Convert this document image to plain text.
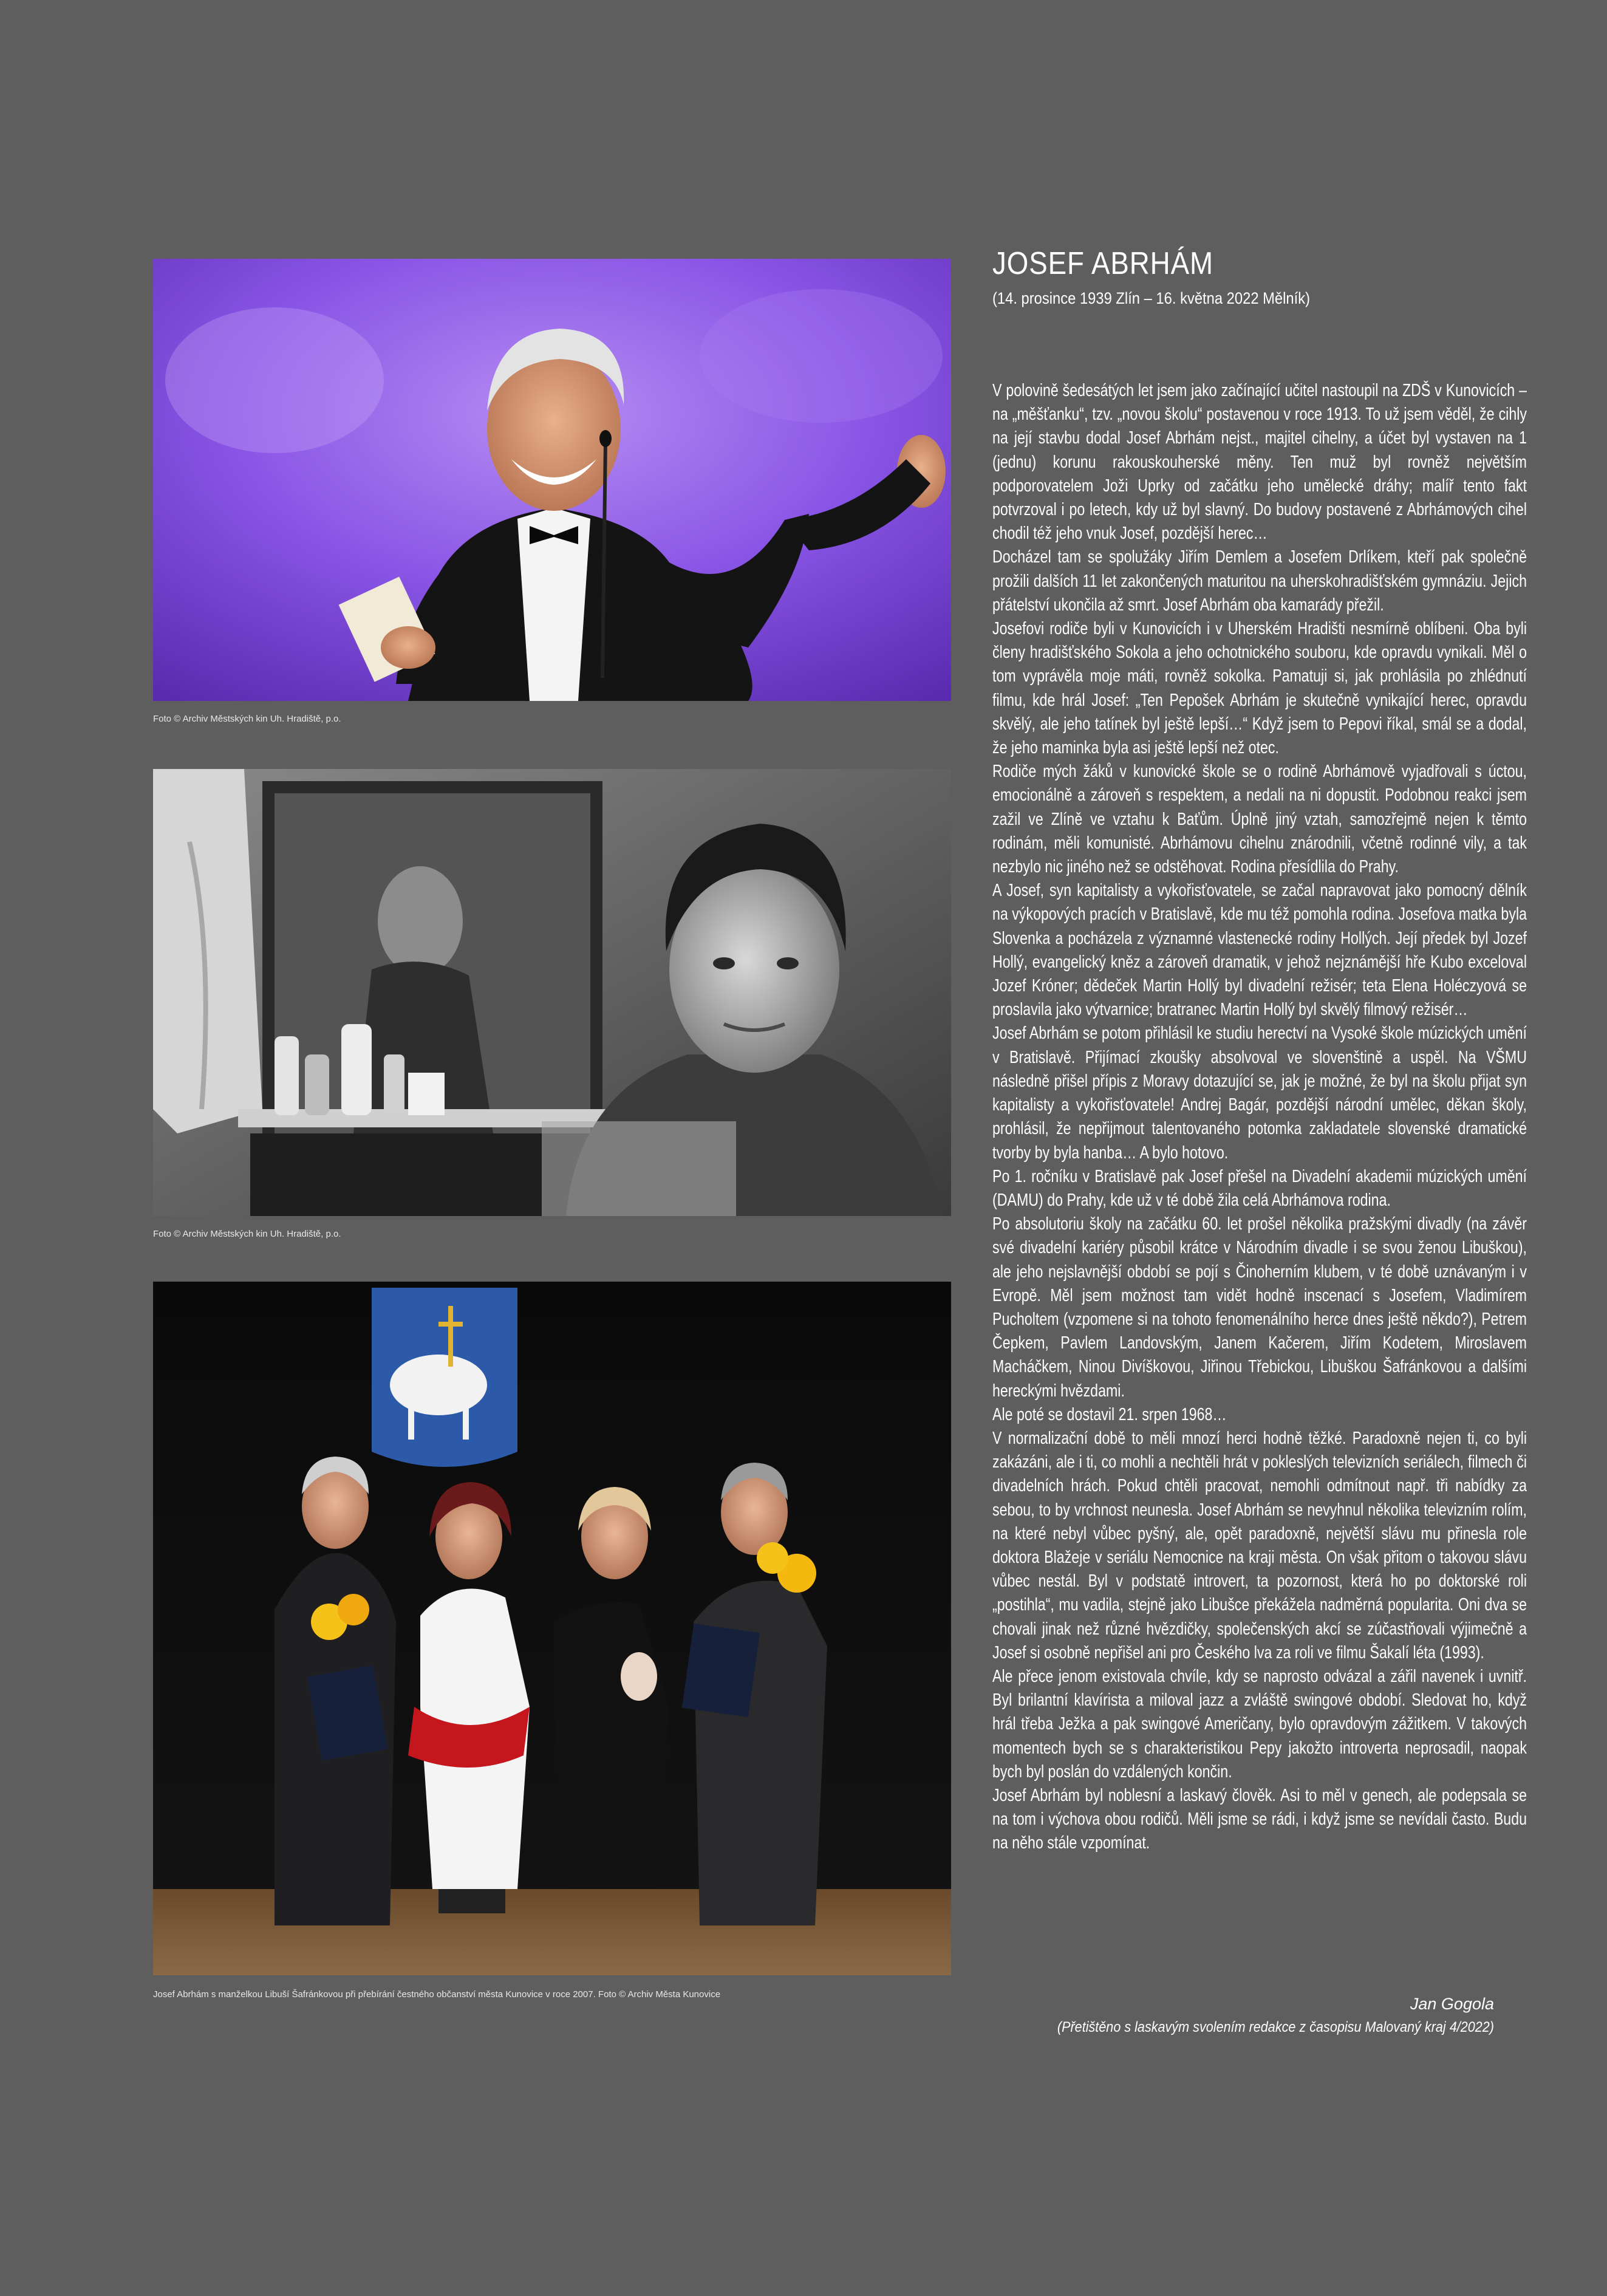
Foto © Archiv Městských kin Uh. Hradiště, p.o.
Foto © Archiv Městských kin Uh. Hradiště, p.o.
Josef Abrhám s manželkou Libuší Šafránkovou při přebírání čestného občanství města Kunovice v roce 2007. Foto © Archiv Města Kunovice
JOSEF ABRHÁM
(14. prosince 1939 Zlín – 16. května 2022 Mělník)

V polovině šedesátých let jsem jako začínající učitel nastoupil na ZDŠ v Kunovicích – na „měšťanku“, tzv. „novou školu“ postavenou v roce 1913. To už jsem věděl, že cihly na její stavbu dodal Josef Abrhám nejst., majitel cihelny, a účet byl vystaven na 1 (jednu) korunu rakouskouherské měny. Ten muž byl rovněž největším podporovatelem Joži Uprky od začátku jeho umělecké dráhy; malíř tento fakt potvrzoval i po letech, kdy už byl slavný. Do budovy postavené z Abrhámových cihel chodil též jeho vnuk Josef, pozdější herec…

Docházel tam se spolužáky Jiřím Demlem a Josefem Drlíkem, kteří pak společně prožili dalších 11 let zakončených maturitou na uherskohradišťském gymnáziu. Jejich přátelství ukončila až smrt. Josef Abrhám oba kamarády přežil.

Josefovi rodiče byli v Kunovicích i v Uherském Hradišti nesmírně oblíbeni. Oba byli členy hradišťského Sokola a jeho ochotnického souboru, kde opravdu vynikali. Měl o tom vyprávěla moje máti, rovněž sokolka. Pamatuji si, jak prohlásila po zhlédnutí filmu, kde hrál Josef: „Ten Pepošek Abrhám je skutečně vynikající herec, opravdu skvělý, ale jeho tatínek byl ještě lepší…“ Když jsem to Pepovi říkal, smál se a dodal, že jeho maminka byla asi ještě lepší než otec.

Rodiče mých žáků v kunovické škole se o rodině Abrhámově vyjadřovali s úctou, emocionálně a zároveň s respektem, a nedali na ni dopustit. Podobnou reakci jsem zažil ve Zlíně ve vztahu k Baťům. Úplně jiný vztah, samozřejmě nejen k těmto rodinám, měli komunisté. Abrhámovu cihelnu znárodnili, včetně rodinné vily, a tak nezbylo nic jiného než se odstěhovat. Rodina přesídlila do Prahy.

A Josef, syn kapitalisty a vykořisťovatele, se začal napravovat jako pomocný dělník na výkopových pracích v Bratislavě, kde mu též pomohla rodina. Josefova matka byla Slovenka a pocházela z významné vlastenecké rodiny Hollých. Její předek byl Jozef Hollý, evangelický kněz a zároveň dramatik, v jehož nejznámější hře Kubo exceloval Jozef Króner; dědeček Martin Hollý byl divadelní režisér; teta Elena Holéczyová se proslavila jako výtvarnice; bratranec Martin Hollý byl skvělý filmový režisér…

Josef Abrhám se potom přihlásil ke studiu herectví na Vysoké škole múzických umění v Bratislavě. Přijímací zkoušky absolvoval ve slovenštině a uspěl. Na VŠMU následně přišel přípis z Moravy dotazující se, jak je možné, že byl na školu přijat syn kapitalisty a vykořisťovatele! Andrej Bagár, pozdější národní umělec, děkan školy, prohlásil, že nepřijmout talentovaného potomka zakladatele slovenské dramatické tvorby by byla hanba… A bylo hotovo.

Po 1. ročníku v Bratislavě pak Josef přešel na Divadelní akademii múzických umění (DAMU) do Prahy, kde už v té době žila celá Abrhámova rodina.

Po absolutoriu školy na začátku 60. let prošel několika pražskými divadly (na závěr své divadelní kariéry působil krátce v Národním divadle i se svou ženou Libuškou), ale jeho nejslavnější období se pojí s Činoherním klubem, v té době uznávaným i v Evropě. Měl jsem možnost tam vidět hodně inscenací s Josefem, Vladimírem Pucholtem (vzpomene si na tohoto fenomenálního herce dnes ještě někdo?), Petrem Čepkem, Pavlem Landovským, Janem Kačerem, Jiřím Kodetem, Miroslavem Macháčkem, Ninou Divíškovou, Jiřinou Třebickou, Libuškou Šafránkovou a dalšími hereckými hvězdami.

Ale poté se dostavil 21. srpen 1968…

V normalizační době to měli mnozí herci hodně těžké. Paradoxně nejen ti, co byli zakázáni, ale i ti, co mohli a nechtěli hrát v pokleslých televizních seriálech, filmech či divadelních hrách. Pokud chtěli pracovat, nemohli odmítnout např. tři nabídky za sebou, to by vrchnost neunesla. Josef Abrhám se nevyhnul několika televizním rolím, na které nebyl vůbec pyšný, ale, opět paradoxně, největší slávu mu přinesla role doktora Blažeje v seriálu Nemocnice na kraji města. On však přitom o takovou slávu vůbec nestál. Byl v podstatě introvert, ta pozornost, která ho po doktorské roli „postihla“, mu vadila, stejně jako Libušce překážela nadměrná popularita. Oni dva se chovali jinak než různé hvězdičky, společenských akcí se zúčastňovali výjimečně a Josef si osobně nepřišel ani pro Českého lva za roli ve filmu Šakalí léta (1993).

Ale přece jenom existovala chvíle, kdy se naprosto odvázal a zářil navenek i uvnitř. Byl brilantní klavírista a miloval jazz a zvláště swingové období. Sledovat ho, když hrál třeba Ježka a pak swingové Američany, bylo opravdovým zážitkem. V takových momentech bych se s charakteristikou Pepy jakožto introverta neprosadil, naopak bych byl poslán do vzdálených končin.

Josef Abrhám byl noblesní a laskavý člověk. Asi to měl v genech, ale podepsala se na tom i výchova obou rodičů. Měli jsme se rádi, i když jsme se nevídali často. Budu na něho stále vzpomínat.

Jan Gogola
(Přetištěno s laskavým svolením redakce z časopisu Malovaný kraj 4/2022)
